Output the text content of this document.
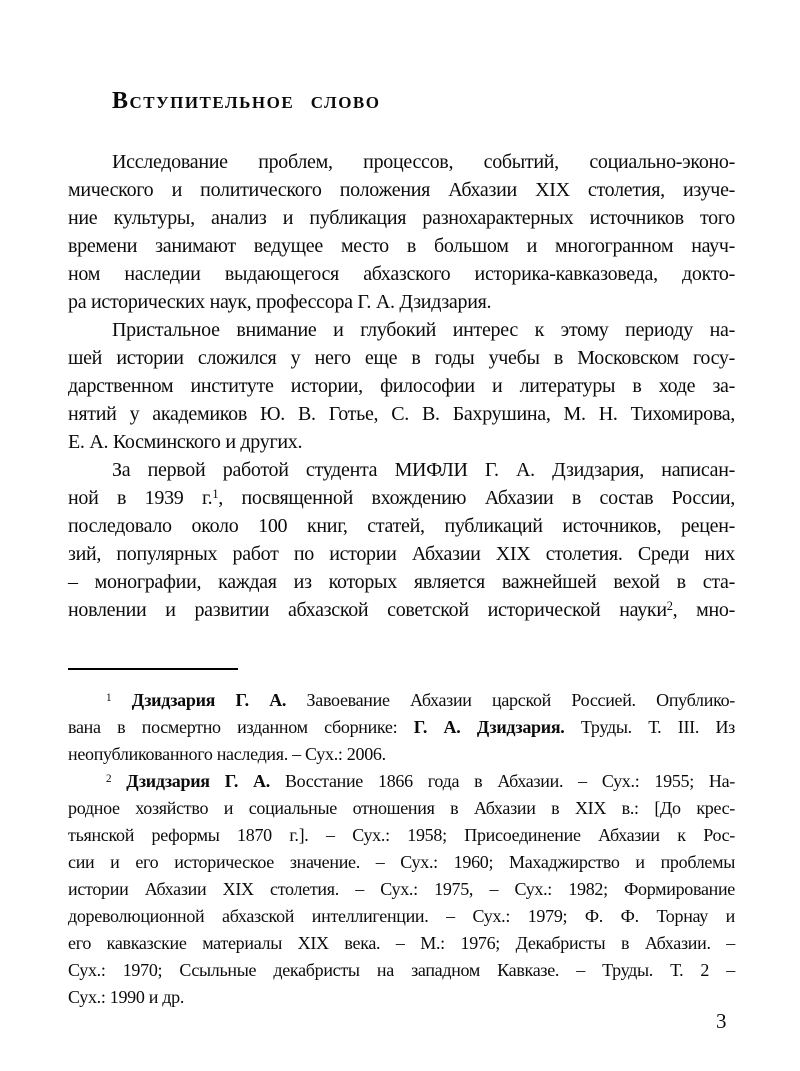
Вступительное слово
Исследование проблем, процессов, событий, социально-эконо-
мического и политического положения Абхазии XIX столетия, изуче-
ние культуры, анализ и публикация разнохарактерных источников того
времени занимают ведущее место в большом и многогранном науч-
ном наследии выдающегося абхазского историка-кавказоведа, докто-
ра исторических наук, профессора Г. А. Дзидзария.
Пристальное внимание и глубокий интерес к этому периоду на-
шей истории сложился у него еще в годы учебы в Московском госу-
дарственном институте истории, философии и литературы в ходе за-
нятий у академиков Ю. В. Готье, С. В. Бахрушина, М. Н. Тихомирова,
Е. А. Косминского и других.
За первой работой студента МИФЛИ Г. А. Дзидзария, написан-
ной в 1939 г.$^1$, посвященной вхождению Абхазии в состав России,
последовало около 100 книг, статей, публикаций источников, рецен-
зий, популярных работ по истории Абхазии XIX столетия. Среди них
– монографии, каждая из которых является важнейшей вехой в ста-
новлении и развитии абхазской советской исторической науки$^2$, мно-
$^1$ Дзидзария Г. А. Завоевание Абхазии царской Россией. Опублико-
вана в посмертно изданном сборнике: Г. А. Дзидзария. Труды. Т. III. Из
неопубликованного наследия. – Сух.: 2006.
$^2$ Дзидзария Г. А. Восстание 1866 года в Абхазии. – Сух.: 1955; На-
родное хозяйство и социальные отношения в Абхазии в XIX в.: [До крес-
тьянской реформы 1870 г.]. – Сух.: 1958; Присоединение Абхазии к Рос-
сии и его историческое значение. – Сух.: 1960; Махаджирство и проблемы
истории Абхазии XIX столетия. – Сух.: 1975, – Сух.: 1982; Формирование
дореволюционной абхазской интеллигенции. – Сух.: 1979; Ф. Ф. Торнау и
его кавказские материалы XIX века. – М.: 1976; Декабристы в Абхазии. –
Сух.: 1970; Ссыльные декабристы на западном Кавказе. – Труды. Т. 2 –
Сух.: 1990 и др.
3
